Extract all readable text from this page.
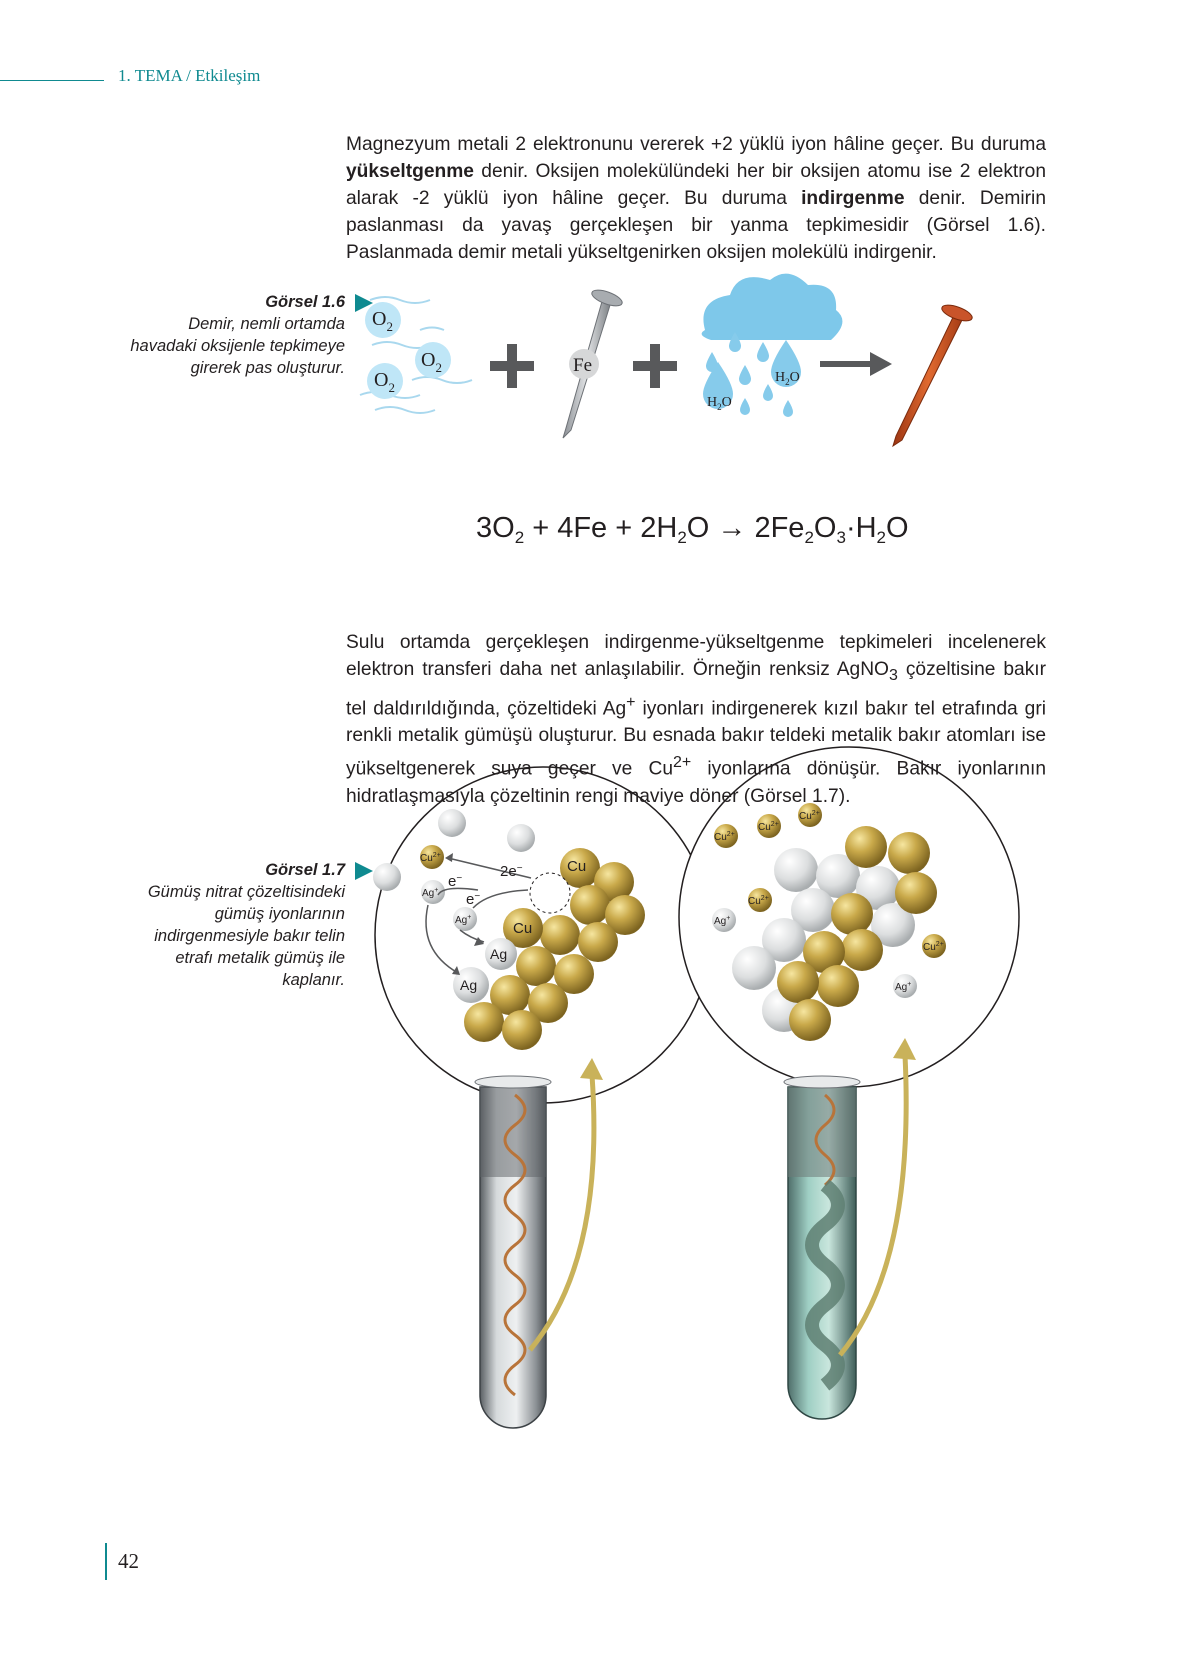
1. TEMA / Etkileşim

Magnezyum metali 2 elektronunu vererek +2 yüklü iyon hâline geçer. Bu duruma yükseltgenme denir. Oksijen molekülündeki her bir oksijen atomu ise 2 elektron alarak -2 yüklü iyon hâline geçer. Bu duruma indirgenme denir. Demirin paslanması da yavaş gerçekleşen bir yanma tepkimesidir (Görsel 1.6). Paslanmada demir metali yükseltgenirken oksijen molekülü indirgenir.

Görsel 1.6
Demir, nemli ortamda havadaki oksijenle tepkimeye girerek pas oluşturur.
$O_2$
$O_2$
$O_2$
Fe
$H_2O$
$H_2O$
$Cu^{2+}$
Ag+
Ag+
e−
e−
2e−	Cu
Cu
Ag
Ag
$Cu^{2+}$
$Cu^{2+}$
$Cu^{2+}$
$Cu^{2+}$
$Cu^{2+}$
Ag+
Ag+
$3O_2 + 4Fe + 2H_2O \to 2Fe_2O_3\cdot H_2O$

Sulu ortamda gerçekleşen indirgenme-yükseltgenme tepkimeleri incelenerek elektron transferi daha net anlaşılabilir. Örneğin renksiz AgNO$_3$ çözeltisine bakır tel daldırıldığında, çözeltideki Ag+ iyonları indirgenerek kızıl bakır tel etrafında gri renkli metalik gümüşü oluşturur. Bu esnada bakır teldeki metalik bakır atomları ise yükseltgenerek suya geçer ve $Cu^{2+}$ iyonlarına dönüşür. Bakır iyonlarının hidratlaşmasıyla çözeltinin rengi maviye döner (Görsel 1.7).

Görsel 1.7
Gümüş nitrat çözeltisindeki gümüş iyonlarının indirgenmesiyle bakır telin etrafı metalik gümüş ile kaplanır.
42
